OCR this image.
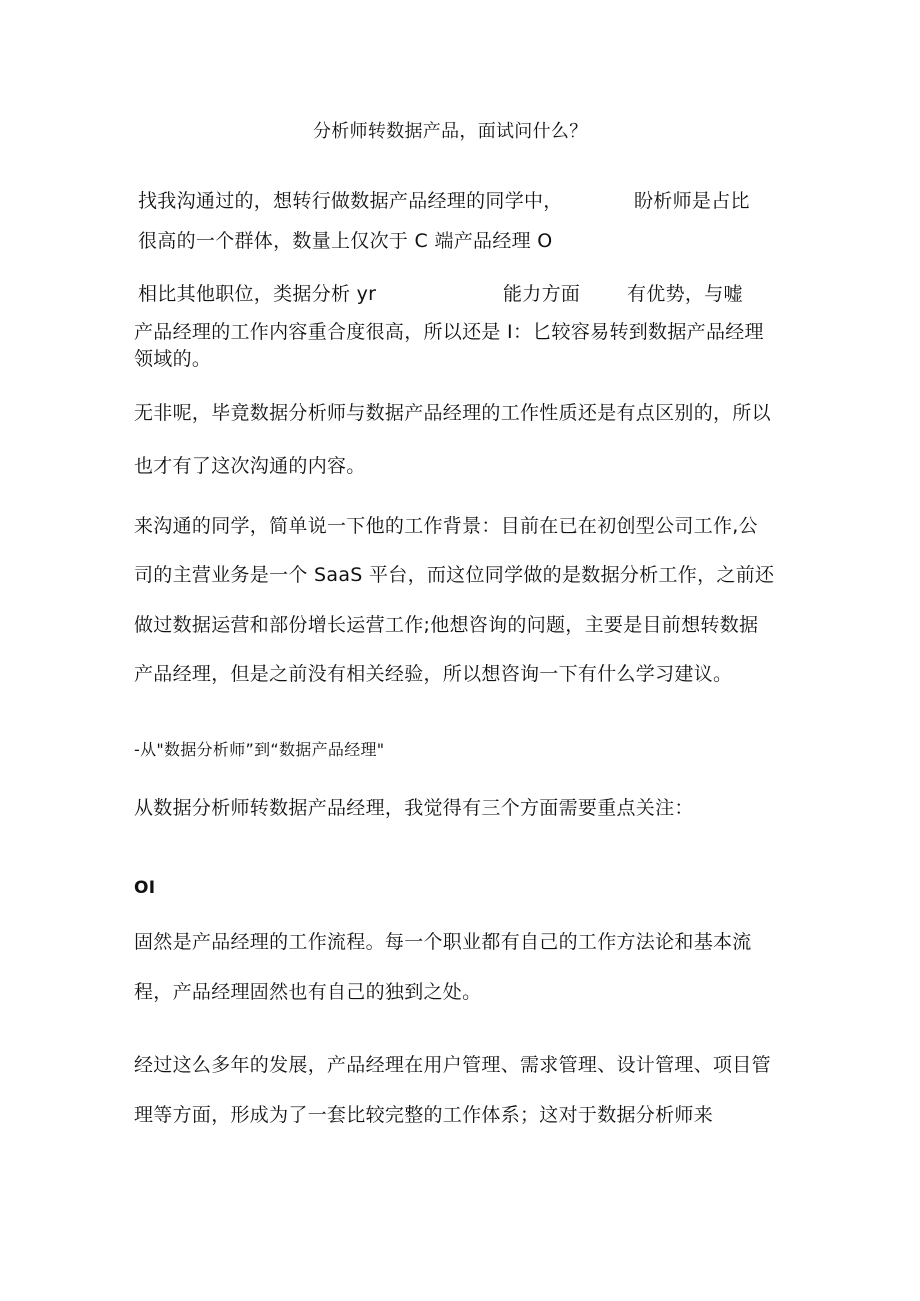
分析师转数据产品，面试问什么？
找我沟通过的，想转行做数据产品经理的同学中，	盼析师是占比
很高的一个群体，数量上仅次于 C 端产品经理 O
相比其他职位，类据分析 yr	能力方面 有优势，与嘘
产品经理的工作内容重合度很高，所以还是 I：匕较容易转到数据产品经理
领域的。
无非呢，毕竟数据分析师与数据产品经理的工作性质还是有点区别的，所以
也才有了这次沟通的内容。
来沟通的同学，简单说一下他的工作背景：目前在已在初创型公司工作,公
司的主营业务是一个 SaaS 平台，而这位同学做的是数据分析工作，之前还
做过数据运营和部份增长运营工作;他想咨询的问题，主要是目前想转数据
产品经理，但是之前没有相关经验，所以想咨询一下有什么学习建议。
-从"数据分析师”到“数据产品经理"
从数据分析师转数据产品经理，我觉得有三个方面需要重点关注：
OI
固然是产品经理的工作流程。每一个职业都有自己的工作方法论和基本流
程，产品经理固然也有自己的独到之处。
经过这么多年的发展，产品经理在用户管理、需求管理、设计管理、项目管
理等方面，形成为了一套比较完整的工作体系；这对于数据分析师来
